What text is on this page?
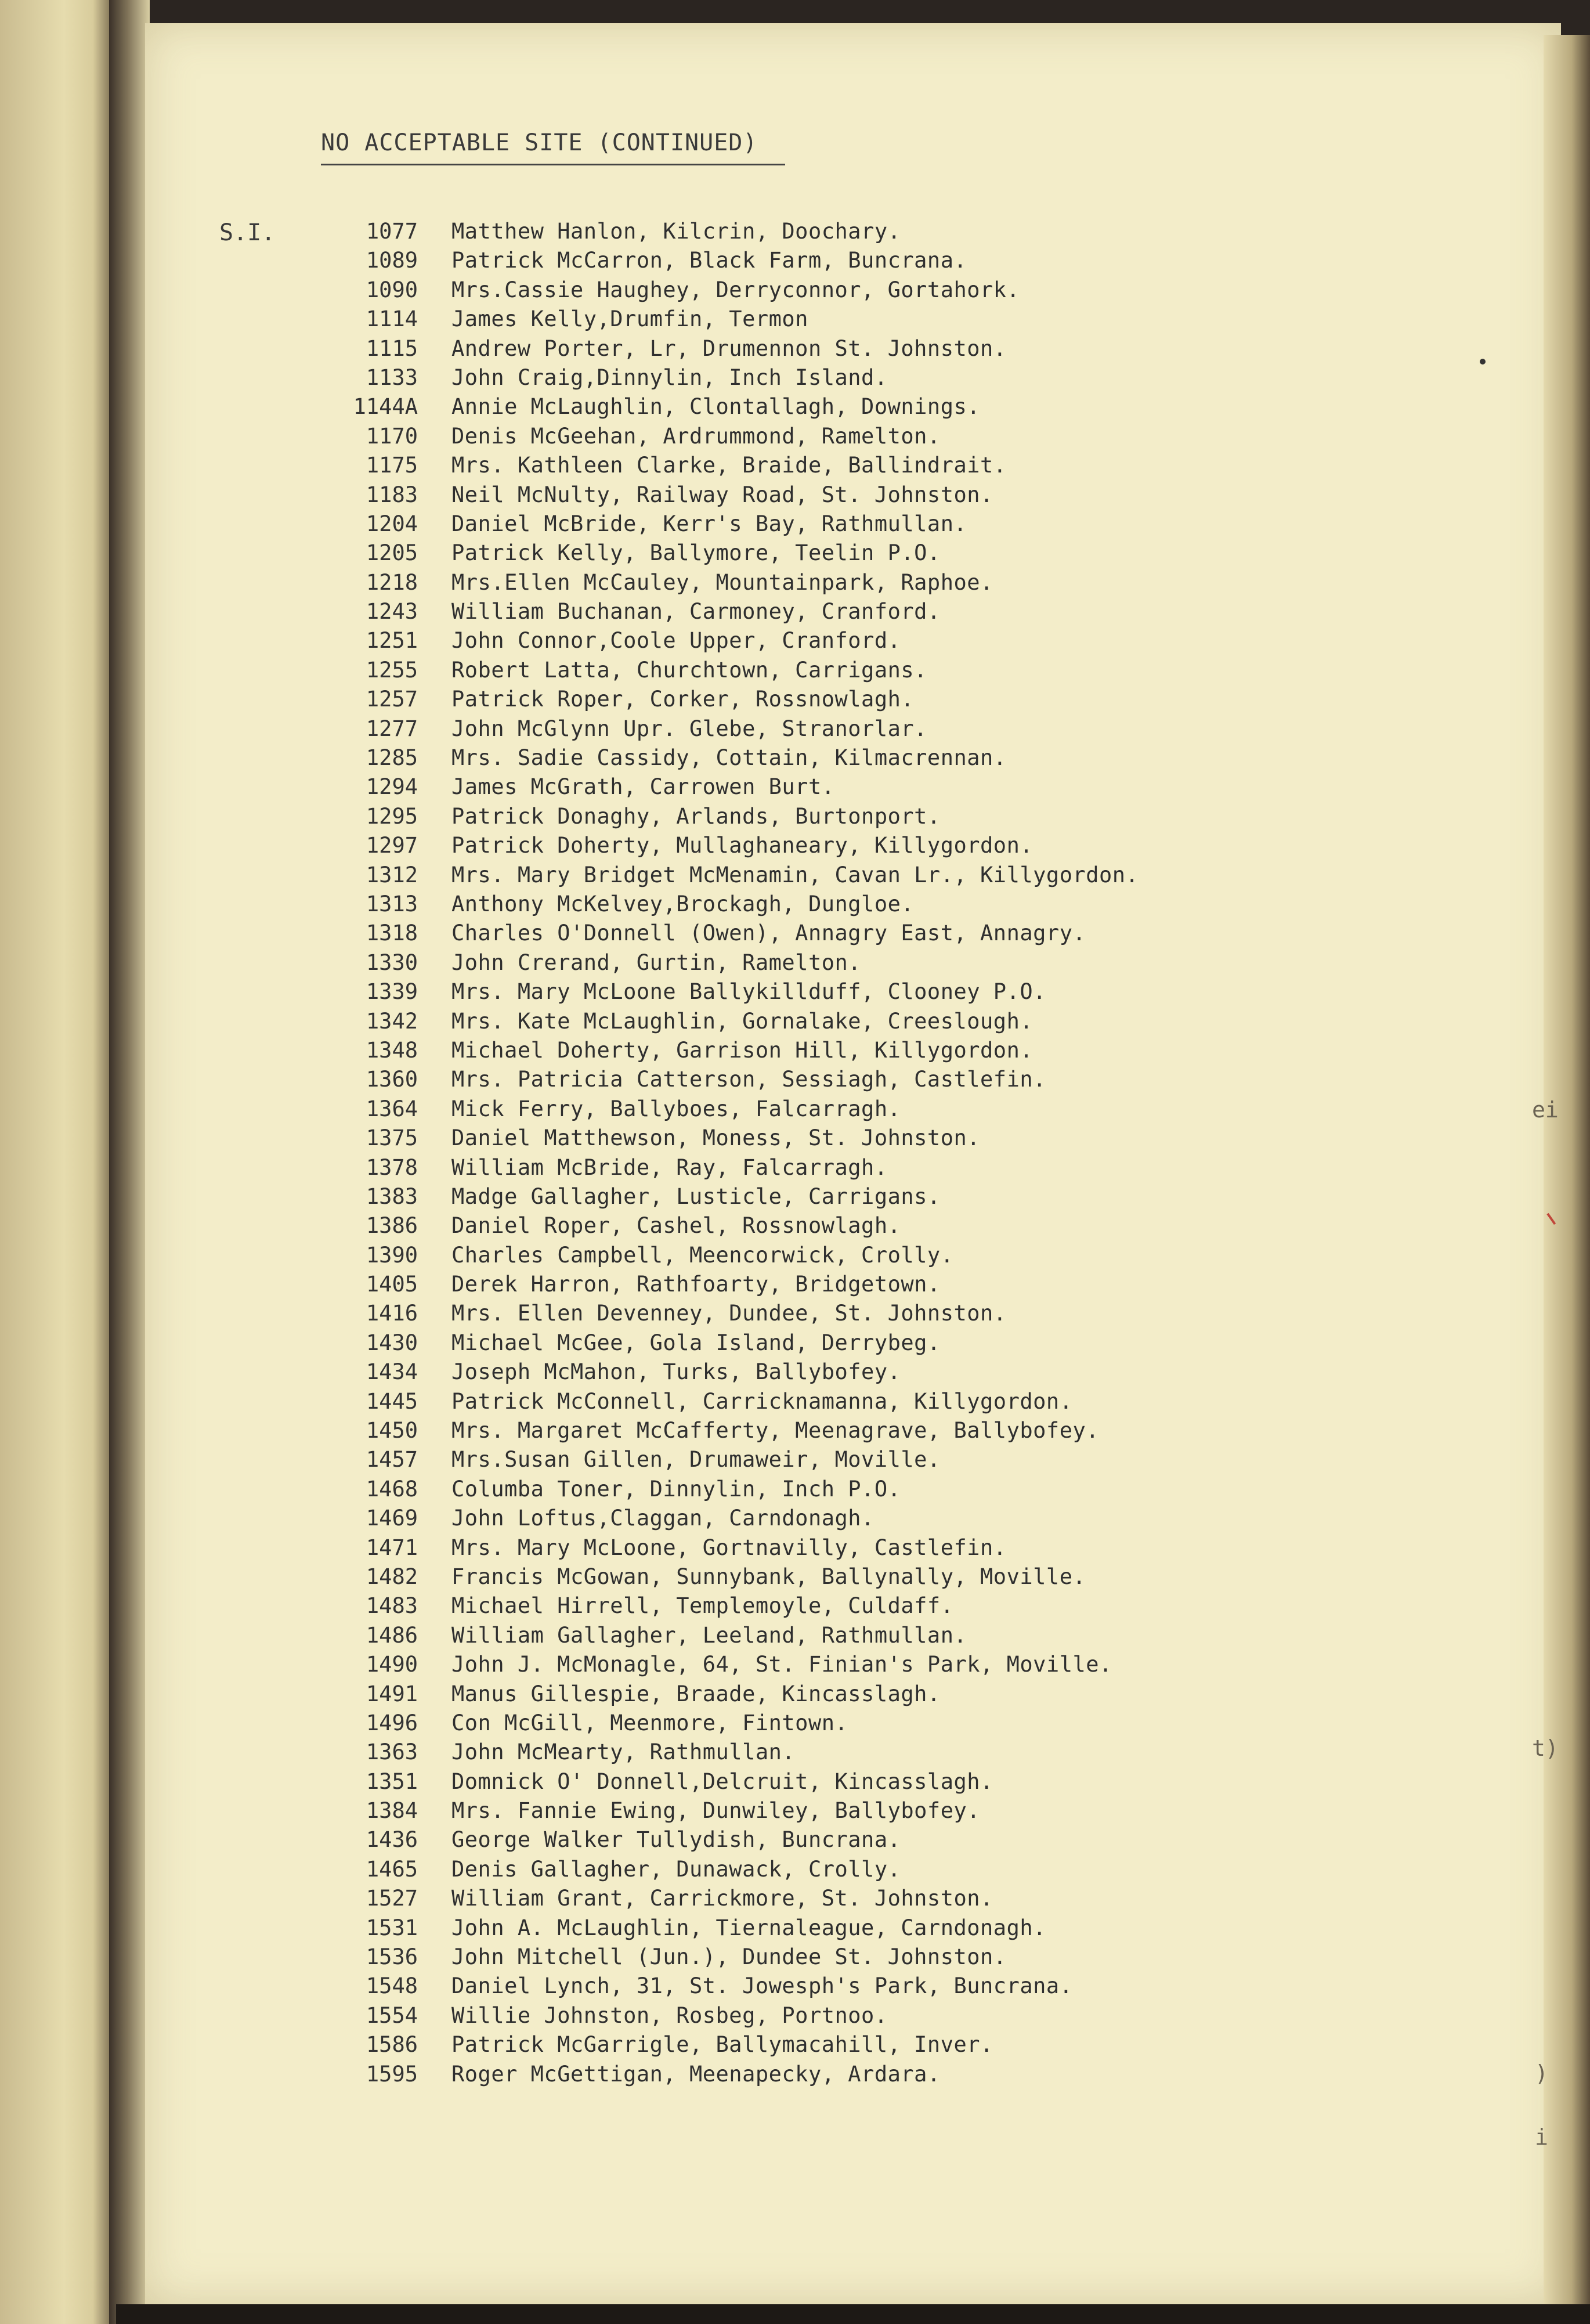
NO ACCEPTABLE SITE (CONTINUED)
S.I.	1077 Matthew Hanlon, Kilcrin, Doochary.
1089 Patrick McCarron, Black Farm, Buncrana.
1090 Mrs.Cassie Haughey, Derryconnor, Gortahork.
1114 James Kelly,Drumfin, Termon
1115 Andrew Porter, Lr, Drumennon St. Johnston.
1133 John Craig,Dinnylin, Inch Island.
1144A Annie McLaughlin, Clontallagh, Downings.
1170 Denis McGeehan, Ardrummond, Ramelton.
1175 Mrs. Kathleen Clarke, Braide, Ballindrait.
1183 Neil McNulty, Railway Road, St. Johnston.
1204 Daniel McBride, Kerr's Bay, Rathmullan.
1205 Patrick Kelly, Ballymore, Teelin P.O.
1218 Mrs.Ellen McCauley, Mountainpark, Raphoe.
1243 William Buchanan, Carmoney, Cranford.
1251 John Connor,Coole Upper, Cranford.
1255 Robert Latta, Churchtown, Carrigans.
1257 Patrick Roper, Corker, Rossnowlagh.
1277 John McGlynn Upr. Glebe, Stranorlar.
1285 Mrs. Sadie Cassidy, Cottain, Kilmacrennan.
1294 James McGrath, Carrowen Burt.
1295 Patrick Donaghy, Arlands, Burtonport.
1297 Patrick Doherty, Mullaghaneary, Killygordon.
1312 Mrs. Mary Bridget McMenamin, Cavan Lr., Killygordon.
1313 Anthony McKelvey,Brockagh, Dungloe.
1318 Charles O'Donnell (Owen), Annagry East, Annagry.
1330 John Crerand, Gurtin, Ramelton.
1339 Mrs. Mary McLoone Ballykillduff, Clooney P.O.
1342 Mrs. Kate McLaughlin, Gornalake, Creeslough.
1348 Michael Doherty, Garrison Hill, Killygordon.
1360 Mrs. Patricia Catterson, Sessiagh, Castlefin.
1364 Mick Ferry, Ballyboes, Falcarragh.
1375 Daniel Matthewson, Moness, St. Johnston.
1378 William McBride, Ray, Falcarragh.
1383 Madge Gallagher, Lusticle, Carrigans.
1386 Daniel Roper, Cashel, Rossnowlagh.
1390 Charles Campbell, Meencorwick, Crolly.
1405 Derek Harron, Rathfoarty, Bridgetown.
1416 Mrs. Ellen Devenney, Dundee, St. Johnston.
1430 Michael McGee, Gola Island, Derrybeg.
1434 Joseph McMahon, Turks, Ballybofey.
1445 Patrick McConnell, Carricknamanna, Killygordon.
1450 Mrs. Margaret McCafferty, Meenagrave, Ballybofey.
1457 Mrs.Susan Gillen, Drumaweir, Moville.
1468 Columba Toner, Dinnylin, Inch P.O.
1469 John Loftus,Claggan, Carndonagh.
1471 Mrs. Mary McLoone, Gortnavilly, Castlefin.
1482 Francis McGowan, Sunnybank, Ballynally, Moville.
1483 Michael Hirrell, Templemoyle, Culdaff.
1486 William Gallagher, Leeland, Rathmullan.
1490 John J. McMonagle, 64, St. Finian's Park, Moville.
1491 Manus Gillespie, Braade, Kincasslagh.
1496 Con McGill, Meenmore, Fintown.
1363 John McMearty, Rathmullan.
1351 Domnick O' Donnell,Delcruit, Kincasslagh.
1384 Mrs. Fannie Ewing, Dunwiley, Ballybofey.
1436 George Walker Tullydish, Buncrana.
1465 Denis Gallagher, Dunawack, Crolly.
1527 William Grant, Carrickmore, St. Johnston.
1531 John A. McLaughlin, Tiernaleague, Carndonagh.
1536 John Mitchell (Jun.), Dundee St. Johnston.
1548 Daniel Lynch, 31, St. Jowesph's Park, Buncrana.
1554 Willie Johnston, Rosbeg, Portnoo.
1586 Patrick McGarrigle, Ballymacahill, Inver.
1595 Roger McGettigan, Meenapecky, Ardara.
ei
t)
)
i
